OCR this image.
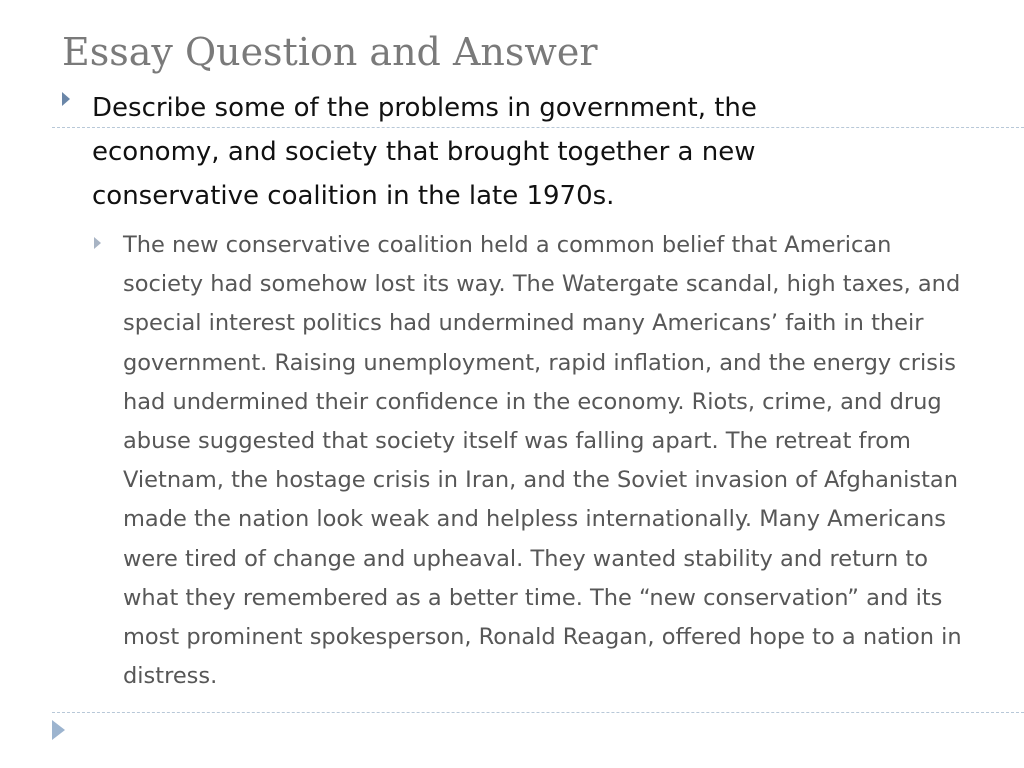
Essay Question and Answer

Describe some of the problems in government, the economy, and society that brought together a new conservative coalition in the late 1970s.

The new conservative coalition held a common belief that American society had somehow lost its way. The Watergate scandal, high taxes, and special interest politics had undermined many Americans’ faith in their government. Raising unemployment, rapid inflation, and the energy crisis had undermined their confidence in the economy. Riots, crime, and drug abuse suggested that society itself was falling apart. The retreat from Vietnam, the hostage crisis in Iran, and the Soviet invasion of Afghanistan made the nation look weak and helpless internationally. Many Americans were tired of change and upheaval. They wanted stability and return to what they remembered as a better time. The “new conservation” and its most prominent spokesperson, Ronald Reagan, offered hope to a nation in distress.
